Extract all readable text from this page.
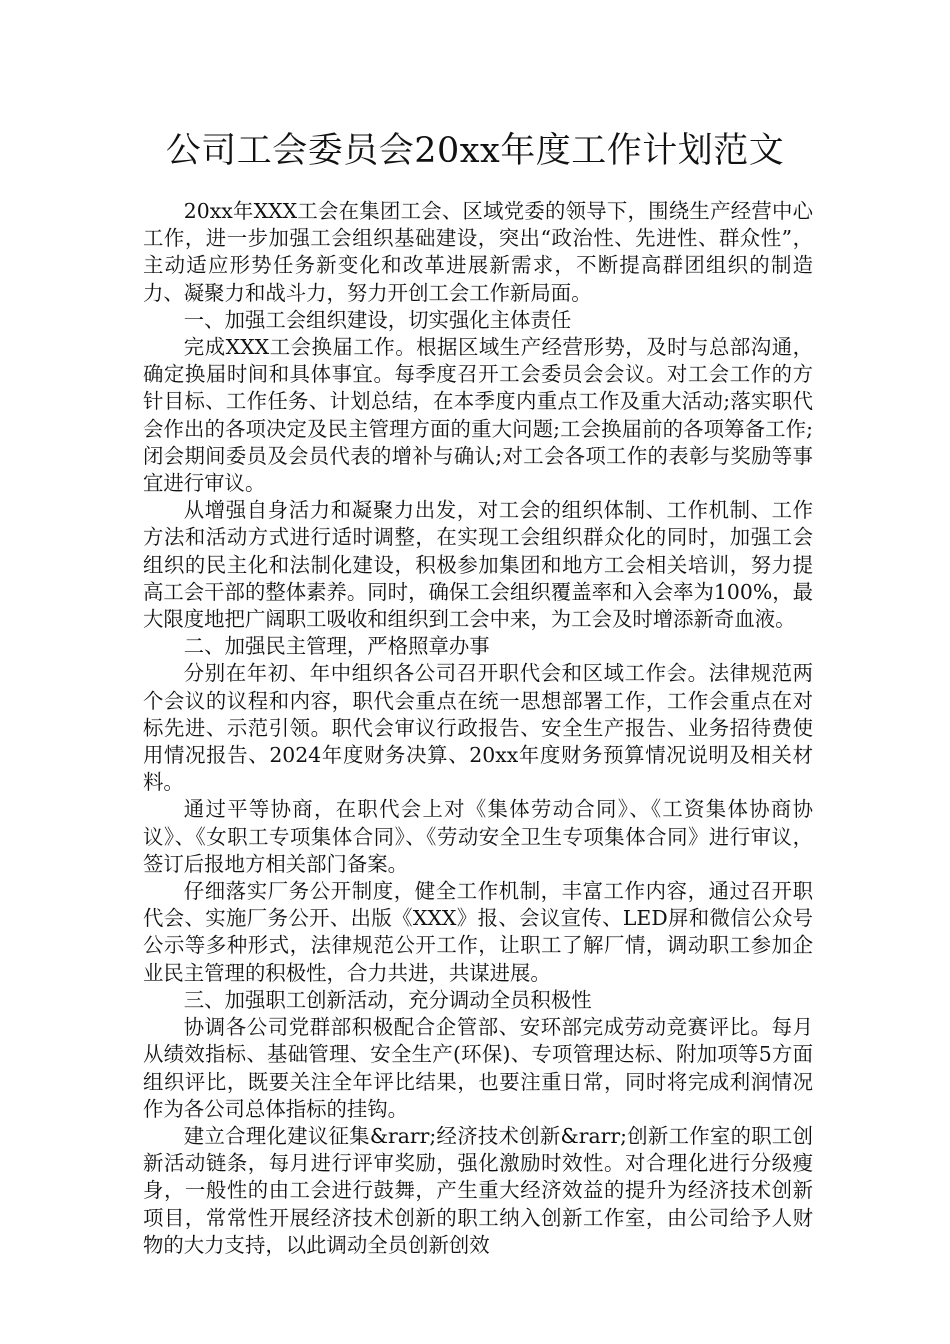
公司工会委员会20xx年度工作计划范文

20xx年XXX工会在集团工会、区域党委的领导下，围绕生产经营中心工作，进一步加强工会组织基础建设，突出“政治性、先进性、群众性”，主动适应形势任务新变化和改革进展新需求，不断提高群团组织的制造力、凝聚力和战斗力，努力开创工会工作新局面。

一、加强工会组织建设，切实强化主体责任

完成XXX工会换届工作。根据区域生产经营形势，及时与总部沟通，确定换届时间和具体事宜。每季度召开工会委员会会议。对工会工作的方针目标、工作任务、计划总结，在本季度内重点工作及重大活动;落实职代会作出的各项决定及民主管理方面的重大问题;工会换届前的各项筹备工作;闭会期间委员及会员代表的增补与确认;对工会各项工作的表彰与奖励等事宜进行审议。

从增强自身活力和凝聚力出发，对工会的组织体制、工作机制、工作方法和活动方式进行适时调整，在实现工会组织群众化的同时，加强工会组织的民主化和法制化建设，积极参加集团和地方工会相关培训，努力提高工会干部的整体素养。同时，确保工会组织覆盖率和入会率为100%，最大限度地把广阔职工吸收和组织到工会中来，为工会及时增添新奇血液。

二、加强民主管理，严格照章办事

分别在年初、年中组织各公司召开职代会和区域工作会。法律规范两个会议的议程和内容，职代会重点在统一思想部署工作，工作会重点在对标先进、示范引领。职代会审议行政报告、安全生产报告、业务招待费使用情况报告、2024年度财务决算、20xx年度财务预算情况说明及相关材料。

通过平等协商，在职代会上对《集体劳动合同》、《工资集体协商协议》、《女职工专项集体合同》、《劳动安全卫生专项集体合同》进行审议，签订后报地方相关部门备案。

仔细落实厂务公开制度，健全工作机制，丰富工作内容，通过召开职代会、实施厂务公开、出版《XXX》报、会议宣传、LED屏和微信公众号公示等多种形式，法律规范公开工作，让职工了解厂情，调动职工参加企业民主管理的积极性，合力共进，共谋进展。

三、加强职工创新活动，充分调动全员积极性

协调各公司党群部积极配合企管部、安环部完成劳动竞赛评比。每月从绩效指标、基础管理、安全生产(环保)、专项管理达标、附加项等5方面组织评比，既要关注全年评比结果，也要注重日常，同时将完成利润情况作为各公司总体指标的挂钩。

建立合理化建议征集&rarr;经济技术创新&rarr;创新工作室的职工创新活动链条，每月进行评审奖励，强化激励时效性。对合理化进行分级瘦身，一般性的由工会进行鼓舞，产生重大经济效益的提升为经济技术创新项目，常常性开展经济技术创新的职工纳入创新工作室，由公司给予人财物的大力支持，以此调动全员创新创效
